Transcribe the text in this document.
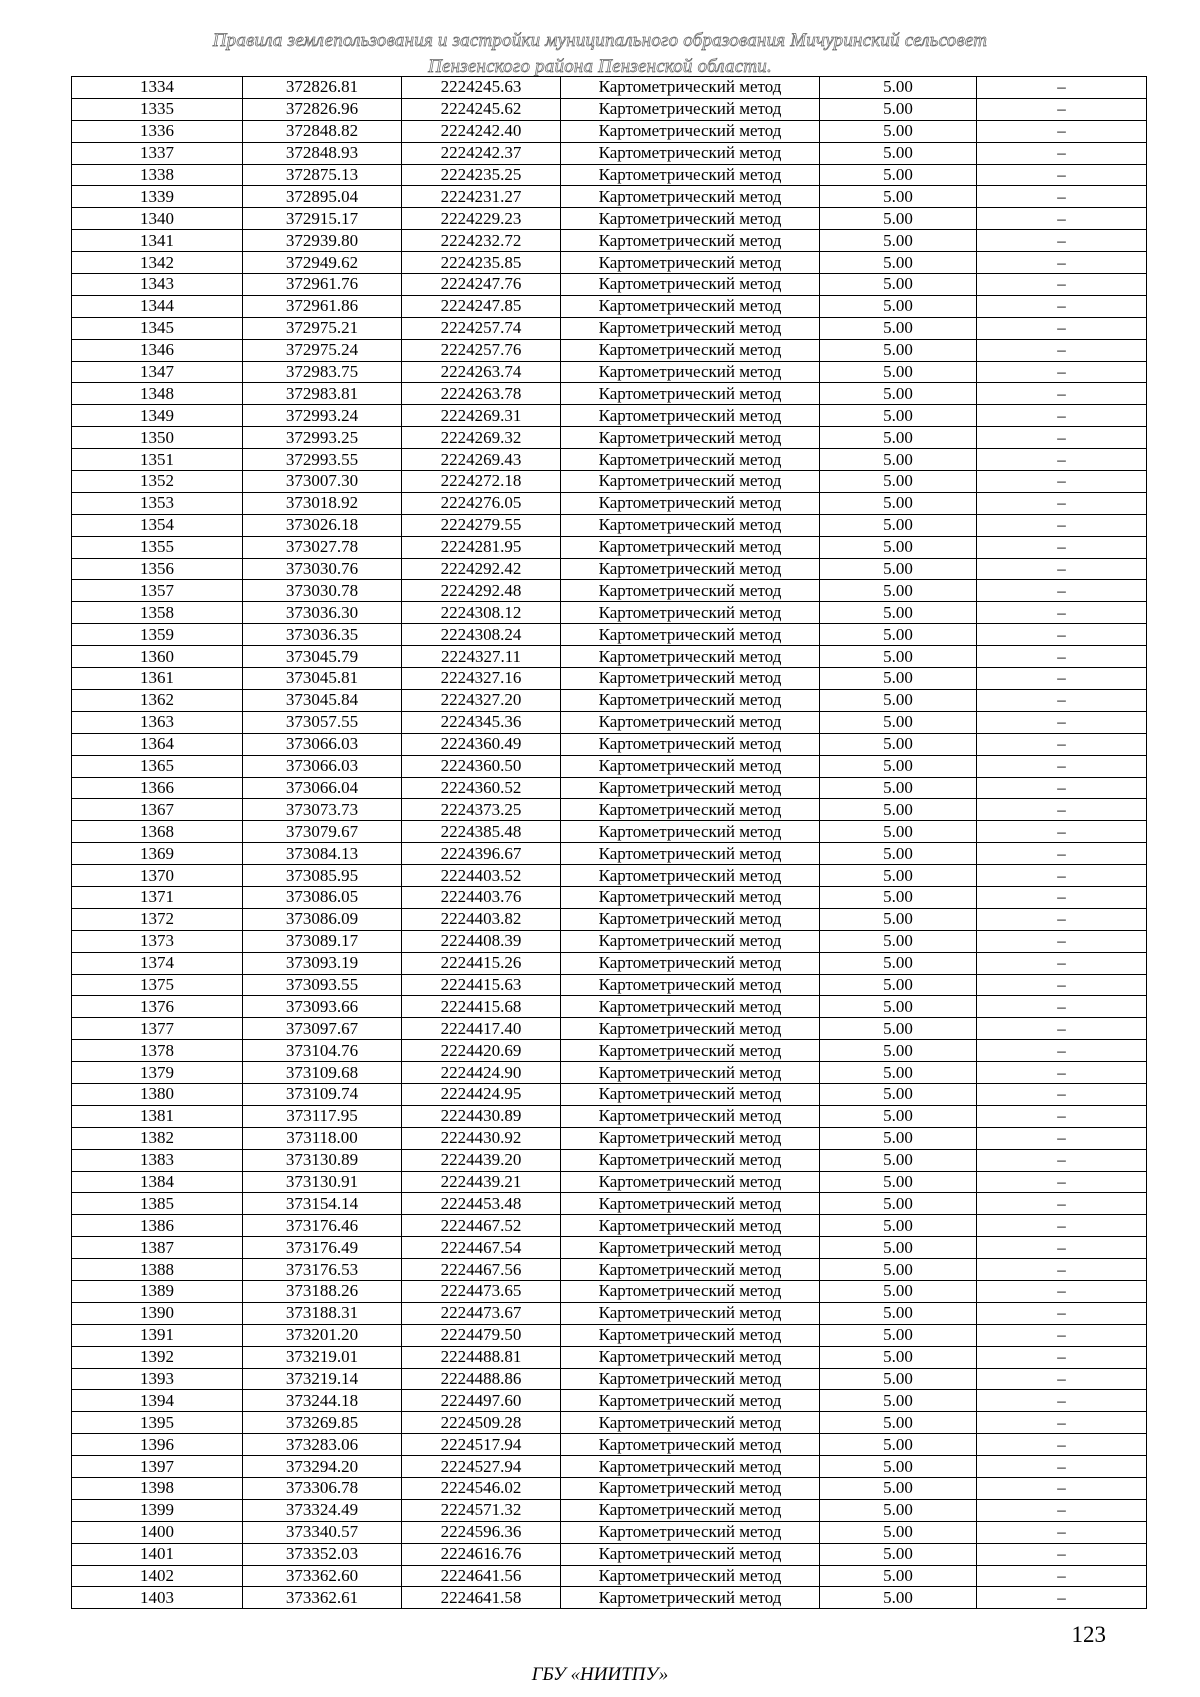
Правила землепользования и застройки муниципального образования Мичуринский сельсовет
Пензенского района Пензенской области.
1334	372826.81	2224245.63	Картометрический метод	5.00	–
1335	372826.96	2224245.62	Картометрический метод	5.00	–
1336	372848.82	2224242.40	Картометрический метод	5.00	–
1337	372848.93	2224242.37	Картометрический метод	5.00	–
1338	372875.13	2224235.25	Картометрический метод	5.00	–
1339	372895.04	2224231.27	Картометрический метод	5.00	–
1340	372915.17	2224229.23	Картометрический метод	5.00	–
1341	372939.80	2224232.72	Картометрический метод	5.00	–
1342	372949.62	2224235.85	Картометрический метод	5.00	–
1343	372961.76	2224247.76	Картометрический метод	5.00	–
1344	372961.86	2224247.85	Картометрический метод	5.00	–
1345	372975.21	2224257.74	Картометрический метод	5.00	–
1346	372975.24	2224257.76	Картометрический метод	5.00	–
1347	372983.75	2224263.74	Картометрический метод	5.00	–
1348	372983.81	2224263.78	Картометрический метод	5.00	–
1349	372993.24	2224269.31	Картометрический метод	5.00	–
1350	372993.25	2224269.32	Картометрический метод	5.00	–
1351	372993.55	2224269.43	Картометрический метод	5.00	–
1352	373007.30	2224272.18	Картометрический метод	5.00	–
1353	373018.92	2224276.05	Картометрический метод	5.00	–
1354	373026.18	2224279.55	Картометрический метод	5.00	–
1355	373027.78	2224281.95	Картометрический метод	5.00	–
1356	373030.76	2224292.42	Картометрический метод	5.00	–
1357	373030.78	2224292.48	Картометрический метод	5.00	–
1358	373036.30	2224308.12	Картометрический метод	5.00	–
1359	373036.35	2224308.24	Картометрический метод	5.00	–
1360	373045.79	2224327.11	Картометрический метод	5.00	–
1361	373045.81	2224327.16	Картометрический метод	5.00	–
1362	373045.84	2224327.20	Картометрический метод	5.00	–
1363	373057.55	2224345.36	Картометрический метод	5.00	–
1364	373066.03	2224360.49	Картометрический метод	5.00	–
1365	373066.03	2224360.50	Картометрический метод	5.00	–
1366	373066.04	2224360.52	Картометрический метод	5.00	–
1367	373073.73	2224373.25	Картометрический метод	5.00	–
1368	373079.67	2224385.48	Картометрический метод	5.00	–
1369	373084.13	2224396.67	Картометрический метод	5.00	–
1370	373085.95	2224403.52	Картометрический метод	5.00	–
1371	373086.05	2224403.76	Картометрический метод	5.00	–
1372	373086.09	2224403.82	Картометрический метод	5.00	–
1373	373089.17	2224408.39	Картометрический метод	5.00	–
1374	373093.19	2224415.26	Картометрический метод	5.00	–
1375	373093.55	2224415.63	Картометрический метод	5.00	–
1376	373093.66	2224415.68	Картометрический метод	5.00	–
1377	373097.67	2224417.40	Картометрический метод	5.00	–
1378	373104.76	2224420.69	Картометрический метод	5.00	–
1379	373109.68	2224424.90	Картометрический метод	5.00	–
1380	373109.74	2224424.95	Картометрический метод	5.00	–
1381	373117.95	2224430.89	Картометрический метод	5.00	–
1382	373118.00	2224430.92	Картометрический метод	5.00	–
1383	373130.89	2224439.20	Картометрический метод	5.00	–
1384	373130.91	2224439.21	Картометрический метод	5.00	–
1385	373154.14	2224453.48	Картометрический метод	5.00	–
1386	373176.46	2224467.52	Картометрический метод	5.00	–
1387	373176.49	2224467.54	Картометрический метод	5.00	–
1388	373176.53	2224467.56	Картометрический метод	5.00	–
1389	373188.26	2224473.65	Картометрический метод	5.00	–
1390	373188.31	2224473.67	Картометрический метод	5.00	–
1391	373201.20	2224479.50	Картометрический метод	5.00	–
1392	373219.01	2224488.81	Картометрический метод	5.00	–
1393	373219.14	2224488.86	Картометрический метод	5.00	–
1394	373244.18	2224497.60	Картометрический метод	5.00	–
1395	373269.85	2224509.28	Картометрический метод	5.00	–
1396	373283.06	2224517.94	Картометрический метод	5.00	–
1397	373294.20	2224527.94	Картометрический метод	5.00	–
1398	373306.78	2224546.02	Картометрический метод	5.00	–
1399	373324.49	2224571.32	Картометрический метод	5.00	–
1400	373340.57	2224596.36	Картометрический метод	5.00	–
1401	373352.03	2224616.76	Картометрический метод	5.00	–
1402	373362.60	2224641.56	Картометрический метод	5.00	–
1403	373362.61	2224641.58	Картометрический метод	5.00	–
123
ГБУ «НИИТПУ»
